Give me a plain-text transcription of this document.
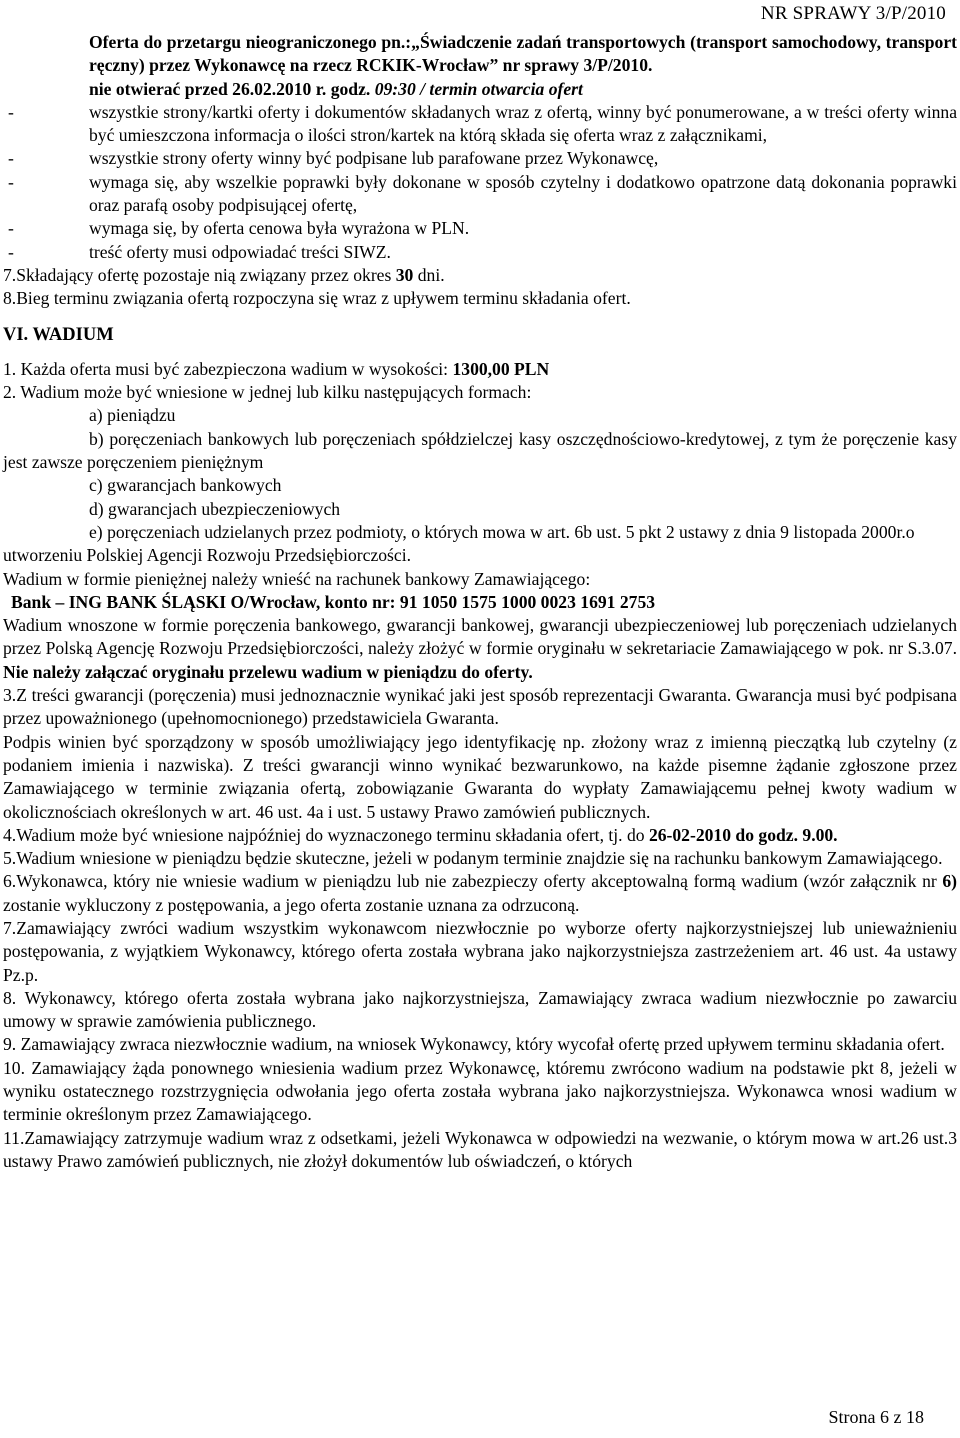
NR SPRAWY 3/P/2010
Oferta do przetargu nieograniczonego pn.:„Świadczenie zadań transportowych (transport samochodowy, transport ręczny) przez Wykonawcę na rzecz RCKIK-Wrocław” nr sprawy 3/P/2010.
nie otwierać przed 26.02.2010 r. godz. 09:30 / termin otwarcia ofert
-	wszystkie strony/kartki oferty i dokumentów składanych wraz z ofertą, winny być ponumerowane, a w treści oferty winna być umieszczona informacja o ilości stron/kartek na którą składa się oferta wraz z załącznikami,
-	wszystkie strony oferty winny być podpisane lub parafowane przez Wykonawcę,
-	wymaga się, aby wszelkie poprawki były dokonane w sposób czytelny i dodatkowo opatrzone datą dokonania poprawki oraz parafą osoby podpisującej ofertę,
-	wymaga się, by oferta cenowa była wyrażona w PLN.
-	treść oferty musi odpowiadać treści SIWZ.
7.Składający ofertę pozostaje nią związany przez okres 30 dni.
8.Bieg terminu związania ofertą rozpoczyna się wraz z upływem terminu składania ofert.
VI. WADIUM
1. Każda oferta musi być zabezpieczona wadium w wysokości: 1300,00 PLN
2. Wadium może być wniesione w jednej lub kilku następujących formach:
a) pieniądzu
b) poręczeniach bankowych lub poręczeniach spółdzielczej kasy oszczędnościowo-kredytowej, z tym że poręczenie kasy jest zawsze poręczeniem pieniężnym
c) gwarancjach bankowych
d) gwarancjach ubezpieczeniowych
e) poręczeniach udzielanych przez podmioty, o których mowa w art. 6b ust. 5 pkt 2 ustawy z dnia 9 listopada 2000r.o utworzeniu Polskiej Agencji Rozwoju Przedsiębiorczości.
Wadium w formie pieniężnej należy wnieść na rachunek bankowy Zamawiającego:
Bank – ING BANK ŚLĄSKI O/Wrocław, konto nr: 91 1050 1575 1000 0023 1691 2753
Wadium wnoszone w formie poręczenia bankowego, gwarancji bankowej, gwarancji ubezpieczeniowej lub poręczeniach udzielanych przez Polską Agencję Rozwoju Przedsiębiorczości, należy złożyć w formie oryginału w sekretariacie Zamawiającego w pok. nr S.3.07. Nie należy załączać oryginału przelewu wadium w pieniądzu do oferty.
3.Z treści gwarancji (poręczenia) musi jednoznacznie wynikać jaki jest sposób reprezentacji Gwaranta. Gwarancja musi być podpisana przez upoważnionego (upełnomocnionego) przedstawiciela Gwaranta.
Podpis winien być sporządzony w sposób umożliwiający jego identyfikację np. złożony wraz z imienną pieczątką lub czytelny (z podaniem imienia i nazwiska). Z treści gwarancji winno wynikać bezwarunkowo, na każde pisemne żądanie zgłoszone przez Zamawiającego w terminie związania ofertą, zobowiązanie Gwaranta do wypłaty Zamawiającemu pełnej kwoty wadium w okolicznościach określonych w art. 46 ust. 4a i ust. 5 ustawy Prawo zamówień publicznych.
4.Wadium może być wniesione najpóźniej do wyznaczonego terminu składania ofert, tj. do 26-02-2010 do godz. 9.00.
5.Wadium wniesione w pieniądzu będzie skuteczne, jeżeli w podanym terminie znajdzie się na rachunku bankowym Zamawiającego.
6.Wykonawca, który nie wniesie wadium w pieniądzu lub nie zabezpieczy oferty akceptowalną formą wadium (wzór załącznik nr 6) zostanie wykluczony z postępowania, a jego oferta zostanie uznana za odrzuconą.
7.Zamawiający zwróci wadium wszystkim wykonawcom niezwłocznie po wyborze oferty najkorzystniejszej lub unieważnieniu postępowania, z wyjątkiem Wykonawcy, którego oferta została wybrana jako najkorzystniejsza zastrzeżeniem art. 46 ust. 4a ustawy Pz.p.
8. Wykonawcy, którego oferta została wybrana jako najkorzystniejsza, Zamawiający zwraca wadium niezwłocznie po zawarciu umowy w sprawie zamówienia publicznego.
9. Zamawiający zwraca niezwłocznie wadium, na wniosek Wykonawcy, który wycofał ofertę przed upływem terminu składania ofert.
10. Zamawiający żąda ponownego wniesienia wadium przez Wykonawcę, któremu zwrócono wadium na podstawie pkt 8, jeżeli w wyniku ostatecznego rozstrzygnięcia odwołania jego oferta została wybrana jako najkorzystniejsza. Wykonawca wnosi wadium w terminie określonym przez Zamawiającego.
11.Zamawiający zatrzymuje wadium wraz z odsetkami, jeżeli Wykonawca w odpowiedzi na wezwanie, o którym mowa w art.26 ust.3 ustawy Prawo zamówień publicznych, nie złożył dokumentów lub oświadczeń, o których
Strona 6 z 18
